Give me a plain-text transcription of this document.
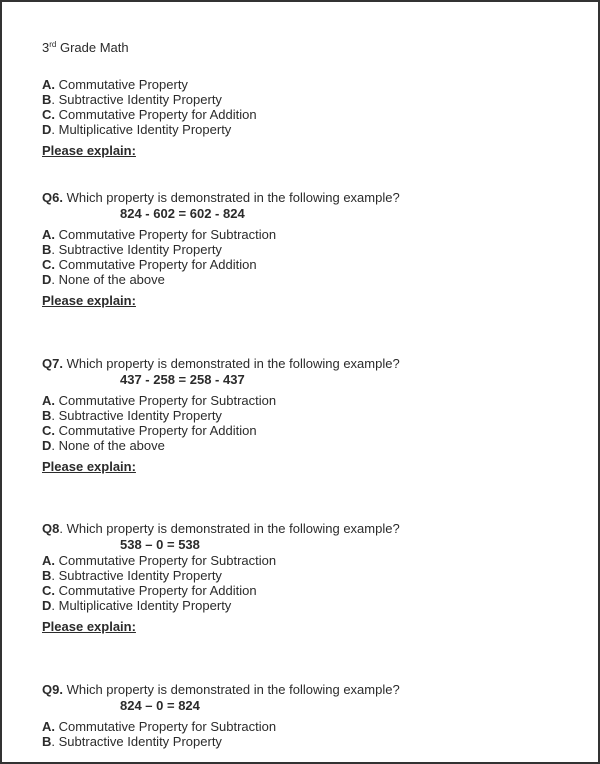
3rd Grade Math
A. Commutative Property
B. Subtractive Identity Property
C. Commutative Property for Addition
D. Multiplicative Identity Property
Please explain:
Q6. Which property is demonstrated in the following example?
824 - 602 = 602 - 824
A. Commutative Property for Subtraction
B. Subtractive Identity Property
C. Commutative Property for Addition
D. None of the above
Please explain:
Q7. Which property is demonstrated in the following example?
437 - 258 = 258 - 437
A. Commutative Property for Subtraction
B. Subtractive Identity Property
C. Commutative Property for Addition
D. None of the above
Please explain:
Q8. Which property is demonstrated in the following example?
538 – 0 = 538
A. Commutative Property for Subtraction
B. Subtractive Identity Property
C. Commutative Property for Addition
D. Multiplicative Identity Property
Please explain:
Q9. Which property is demonstrated in the following example?
824 – 0 = 824
A. Commutative Property for Subtraction
B. Subtractive Identity Property
